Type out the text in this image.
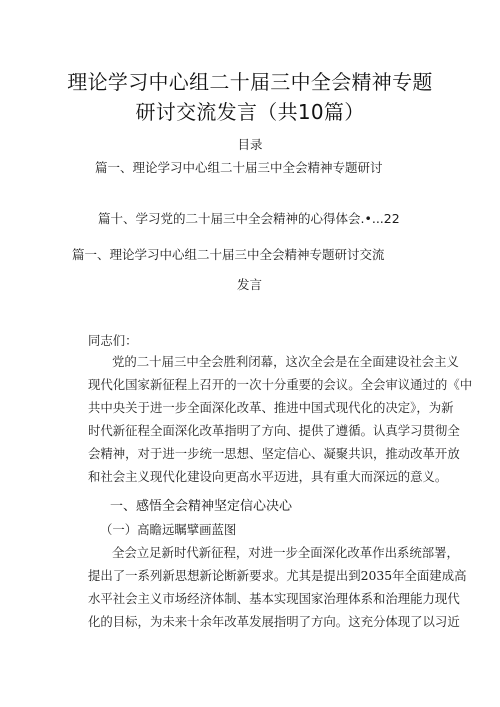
理论学习中心组二十届三中全会精神专题
研讨交流发言（共10篇）
目录
篇一、理论学习中心组二十届三中全会精神专题研讨
篇十、学习党的二十届三中全会精神的心得体会.•...22
篇一、理论学习中心组二十届三中全会精神专题研讨交流
发言
同志们：
党的二十届三中全会胜利闭幕，这次全会是在全面建设社会主义
现代化国家新征程上召开的一次十分重要的会议。全会审议通过的《中
共中央关于进一步全面深化改革、推进中国式现代化的决定》，为新
时代新征程全面深化改革指明了方向、提供了遵循。认真学习贯彻全
会精神，对于进一步统一思想、坚定信心、凝聚共识，推动改革开放
和社会主义现代化建设向更高水平迈进，具有重大而深远的意义。
一、感悟全会精神坚定信心决心
（一）高瞻远瞩擘画蓝图
全会立足新时代新征程，对进一步全面深化改革作出系统部署，
提出了一系列新思想新论断新要求。尤其是提出到2035年全面建成高
水平社会主义市场经济体制、基本实现国家治理体系和治理能力现代
化的目标，为未来十余年改革发展指明了方向。这充分体现了以习近
